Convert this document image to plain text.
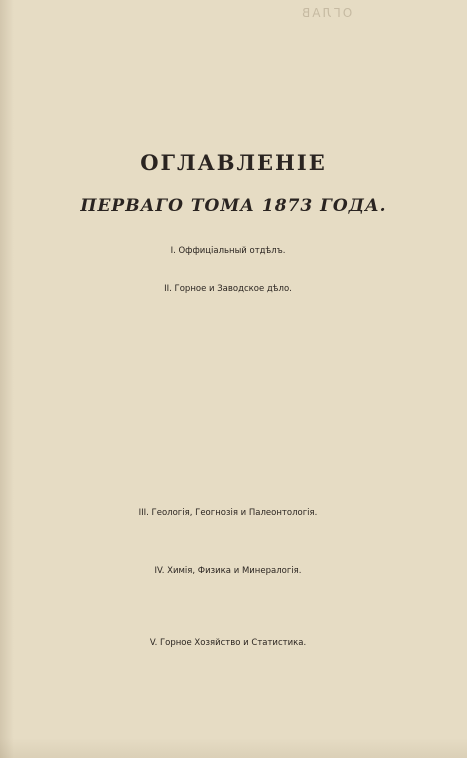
ОГЛАВ
ОГЛАВЛЕНІЕ
ПЕРВАГО ТОМА 1873 ГОДА.
I. Оффиціальный отдѣлъ.
II. Горное и Заводское дѣло.
III. Геологія, Геогнозія и Палеонтологія.
IV. Химія, Физика и Минералогія.
V. Горное Хозяйство и Статистика.
